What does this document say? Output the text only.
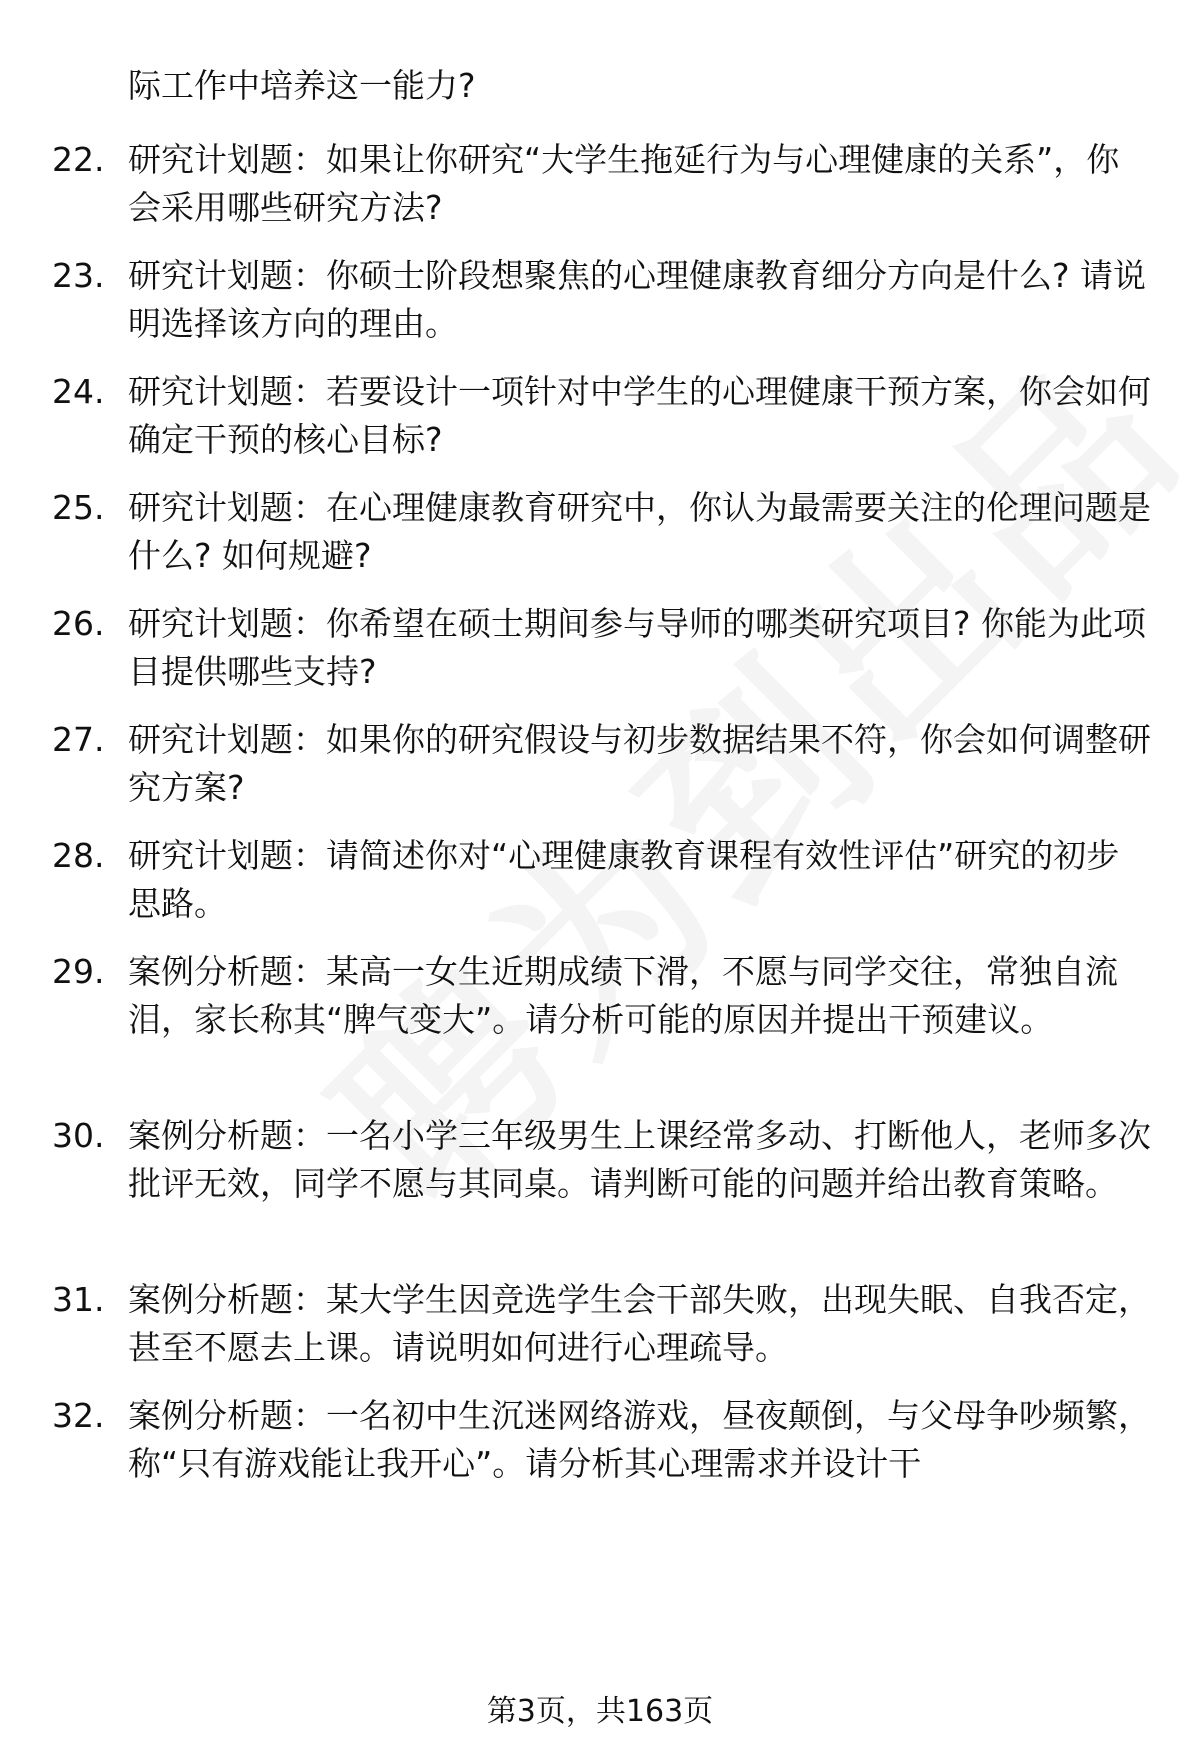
际工作中培养这一能力?

22. 研究计划题：如果让你研究“大学生拖延行为与心理健康的关系”，你会采用哪些研究方法?
23. 研究计划题：你硕士阶段想聚焦的心理健康教育细分方向是什么? 请说明选择该方向的理由。
24. 研究计划题：若要设计一项针对中学生的心理健康干预方案，你会如何确定干预的核心目标?
25. 研究计划题：在心理健康教育研究中，你认为最需要关注的伦理问题是什么? 如何规避?
26. 研究计划题：你希望在硕士期间参与导师的哪类研究项目? 你能为此项目提供哪些支持?
27. 研究计划题：如果你的研究假设与初步数据结果不符，你会如何调整研究方案?
28. 研究计划题：请简述你对“心理健康教育课程有效性评估”研究的初步思路。
29. 案例分析题：某高一女生近期成绩下滑，不愿与同学交往，常独自流泪，家长称其“脾气变大”。请分析可能的原因并提出干预建议。
30. 案例分析题：一名小学三年级男生上课经常多动、打断他人，老师多次批评无效，同学不愿与其同桌。请判断可能的问题并给出教育策略。
31. 案例分析题：某大学生因竞选学生会干部失败，出现失眠、自我否定，甚至不愿去上课。请说明如何进行心理疏导。
32. 案例分析题：一名初中生沉迷网络游戏，昼夜颠倒，与父母争吵频繁，称“只有游戏能让我开心”。请分析其心理需求并设计干
第3页，共163页
